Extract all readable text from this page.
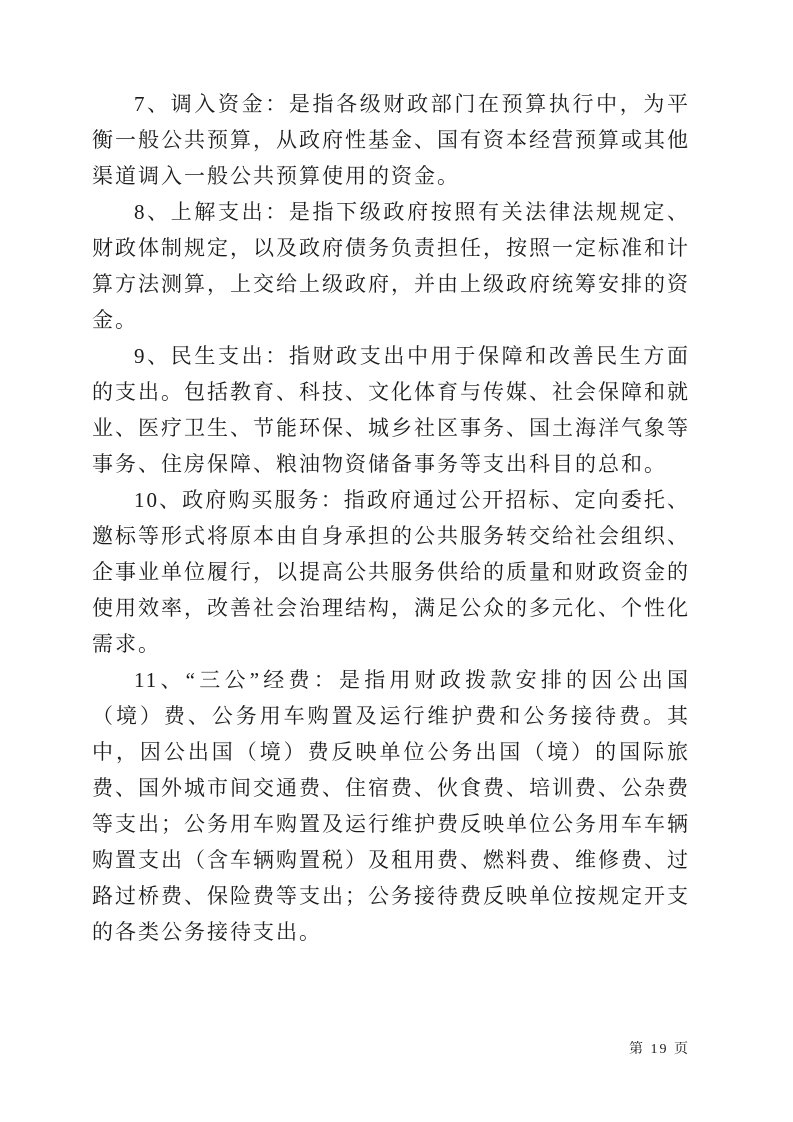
7、调入资金：是指各级财政部门在预算执行中，为平衡一般公共预算，从政府性基金、国有资本经营预算或其他渠道调入一般公共预算使用的资金。

8、上解支出：是指下级政府按照有关法律法规规定、财政体制规定，以及政府债务负责担任，按照一定标准和计算方法测算，上交给上级政府，并由上级政府统筹安排的资金。

9、民生支出：指财政支出中用于保障和改善民生方面的支出。包括教育、科技、文化体育与传媒、社会保障和就业、医疗卫生、节能环保、城乡社区事务、国土海洋气象等事务、住房保障、粮油物资储备事务等支出科目的总和。

10、政府购买服务：指政府通过公开招标、定向委托、邀标等形式将原本由自身承担的公共服务转交给社会组织、企事业单位履行，以提高公共服务供给的质量和财政资金的使用效率，改善社会治理结构，满足公众的多元化、个性化需求。

11、“三公”经费：是指用财政拨款安排的因公出国（境）费、公务用车购置及运行维护费和公务接待费。其中，因公出国（境）费反映单位公务出国（境）的国际旅费、国外城市间交通费、住宿费、伙食费、培训费、公杂费等支出；公务用车购置及运行维护费反映单位公务用车车辆购置支出（含车辆购置税）及租用费、燃料费、维修费、过路过桥费、保险费等支出；公务接待费反映单位按规定开支的各类公务接待支出。

第 19 页
